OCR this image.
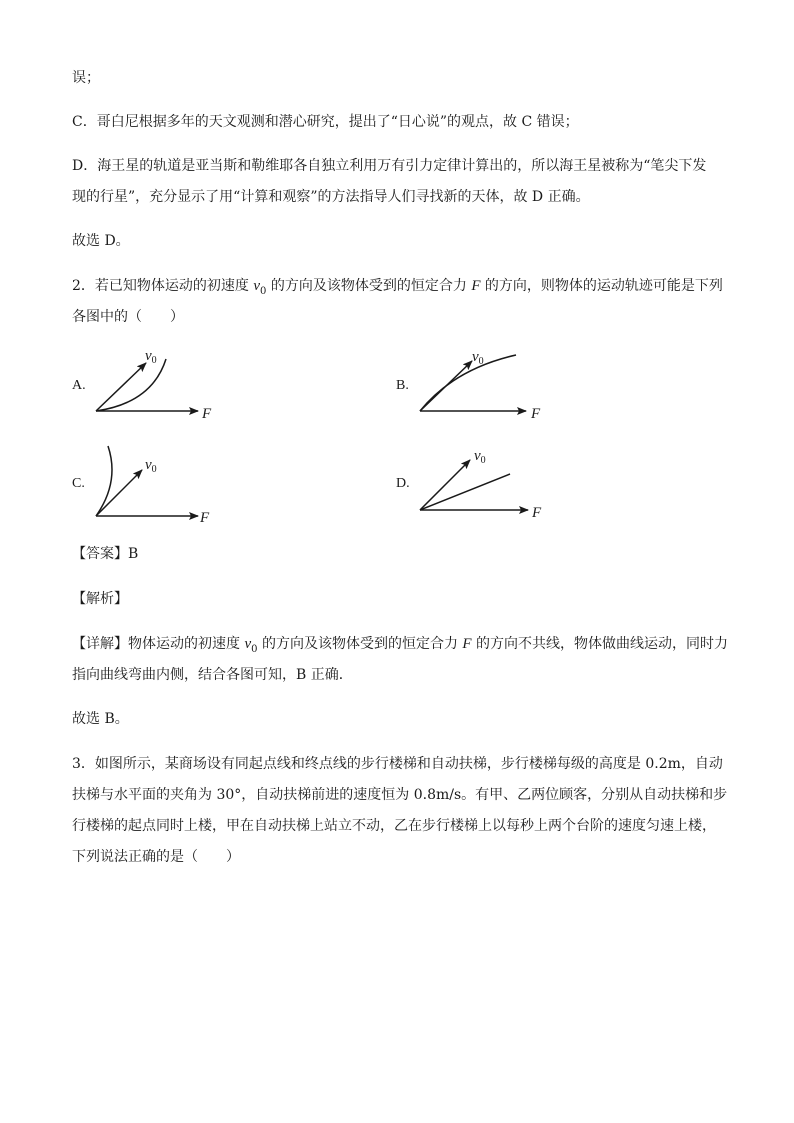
误；
C．哥白尼根据多年的天文观测和潜心研究，提出了“日心说”的观点，故 C 错误；
D．海王星的轨道是亚当斯和勒维耶各自独立利用万有引力定律计算出的，所以海王星被称为“笔尖下发
现的行星”，充分显示了用“计算和观察”的方法指导人们寻找新的天体，故 D 正确。
故选 D。
2．若已知物体运动的初速度 $v_0$ 的方向及该物体受到的恒定合力 F 的方向，则物体的运动轨迹可能是下列
各图中的（　　）
A.	B.
C.	D.
F
$v_0$
F
$v_0$
F
$v_0$
F
$v_0$
【答案】B
【解析】
【详解】物体运动的初速度 $v_0$ 的方向及该物体受到的恒定合力 F 的方向不共线，物体做曲线运动，同时力
指向曲线弯曲内侧，结合各图可知，B 正确．
故选 B。
3．如图所示，某商场设有同起点线和终点线的步行楼梯和自动扶梯，步行楼梯每级的高度是 0.2m，自动
扶梯与水平面的夹角为 30°，自动扶梯前进的速度恒为 0.8m/s。有甲、乙两位顾客，分别从自动扶梯和步
行楼梯的起点同时上楼，甲在自动扶梯上站立不动，乙在步行楼梯上以每秒上两个台阶的速度匀速上楼，
下列说法正确的是（　　）
